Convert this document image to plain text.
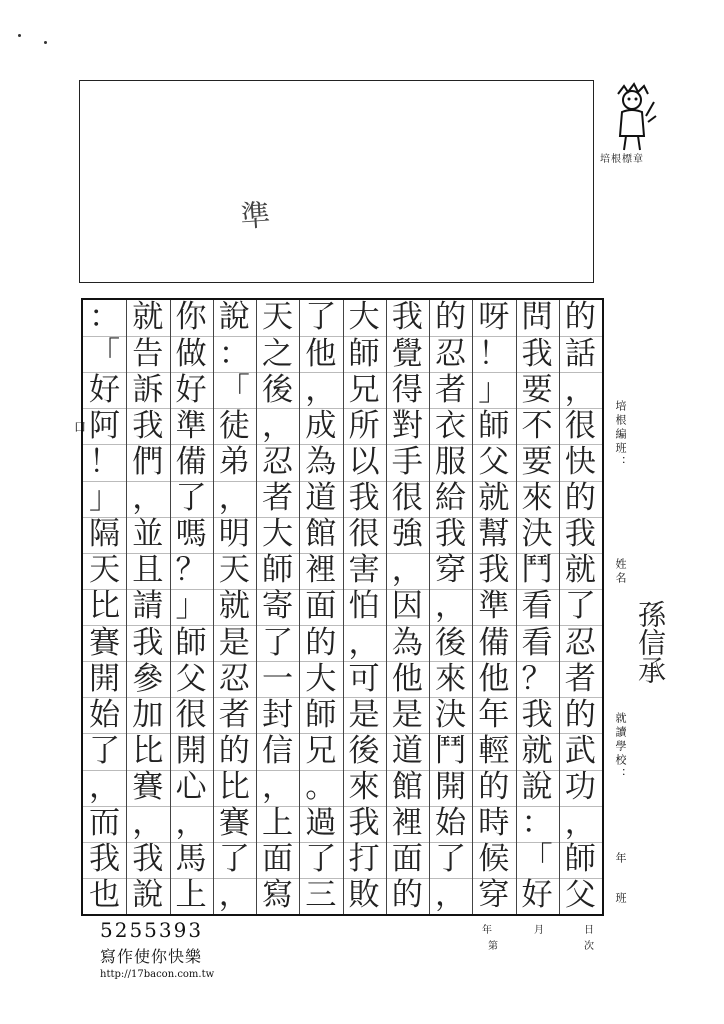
準
培根標章
的
話
，
很
快
的
我
就
了
忍
者
的
武
功
，
師
父
問
我
要
不
要
來
決
鬥
看
看
？
我
就
說
：
「
好
呀
！
」
師
父
就
幫
我
準
備
他
年
輕
的
時
候
穿
的
忍
者
衣
服
給
我
穿
，
後
來
決
鬥
開
始
了
，
我
覺
得
對
手
很
強
，
因
為
他
是
道
館
裡
面
的
大
師
兄
所
以
我
很
害
怕
，
可
是
後
來
我
打
敗
了
他
，
成
為
道
館
裡
面
的
大
師
兄
。
過
了
三
天
之
後
，
忍
者
大
師
寄
了
一
封
信
，
上
面
寫
說
：
「
徒
弟
，
明
天
就
是
忍
者
的
比
賽
了
，
你
做
好
準
備
了
嗎
？
」
師
父
很
開
心
，
馬
上
就
告
訴
我
們
，
並
且
請
我
參
加
比
賽
，
我
說
：
「
好
阿
！
」
隔
天
比
賽
開
始
了
，
而
我
也
培根編班：
姓名
孫信承
就讀學校：
年
班
口
年	月	日
第	次
5255393
寫作使你快樂
http://17bacon.com.tw
